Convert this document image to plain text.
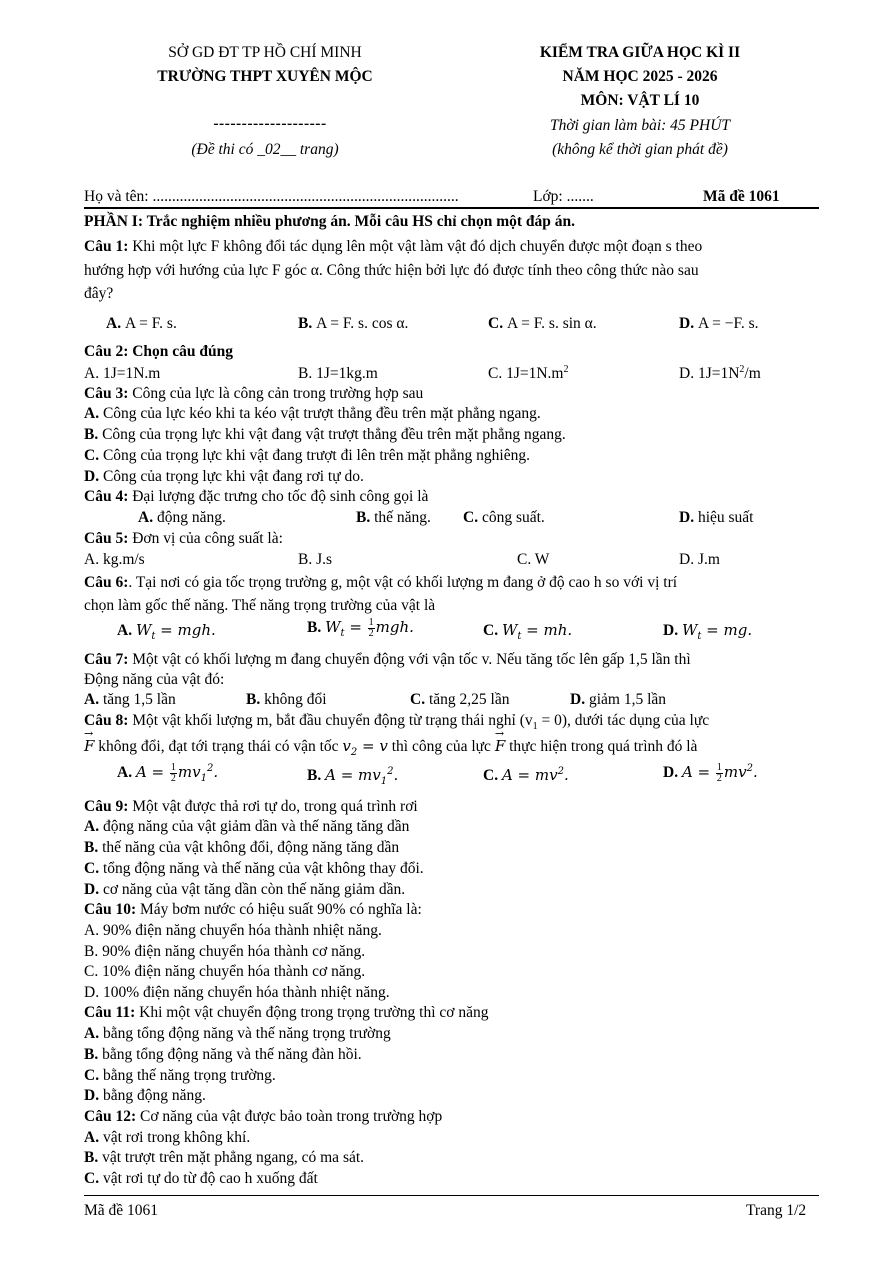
SỞ GD ĐT TP HỒ CHÍ MINH
TRƯỜNG THPT XUYÊN MỘC
--------------------
(Đề thi có _02__ trang)
KIỂM TRA GIỮA HỌC KÌ II
NĂM HỌC 2025 - 2026
MÔN: VẬT LÍ 10
Thời gian làm bài: 45 PHÚT
(không kể thời gian phát đề)
Họ và tên: ...............................................................................	Lớp: .......	Mã đề 1061
PHẦN I: Trắc nghiệm nhiều phương án. Mỗi câu HS chỉ chọn một đáp án.
Câu 1: Khi một lực F không đổi tác dụng lên một vật làm vật đó dịch chuyển được một đoạn s theo
hướng hợp với hướng của lực F góc α. Công thức hiện bởi lực đó được tính theo công thức nào sau
đây?
A. A = F. s.	B. A = F. s. cos α.	C. A = F. s. sin α.	D. A = −F. s.
Câu 2: Chọn câu đúng
A. 1J=1N.m	B. 1J=1kg.m	C. $1J=1N.m^2$	D. $1J=1N^2/m$
Câu 3: Công của lực là công cản trong trường hợp sau
A. Công của lực kéo khi ta kéo vật trượt thẳng đều trên mặt phẳng ngang.
B. Công của trọng lực khi vật đang vật trượt thẳng đều trên mặt phẳng ngang.
C. Công của trọng lực khi vật đang trượt đi lên trên mặt phẳng nghiêng.
D. Công của trọng lực khi vật đang rơi tự do.
Câu 4: Đại lượng đặc trưng cho tốc độ sinh công gọi là
A. động năng.	B. thế năng. C. công suất.	D. hiệu suất
Câu 5: Đơn vị của công suất là:
A. kg.m/s	B. J.s	C. W	D. J.m
Câu 6:. Tại nơi có gia tốc trọng trường g, một vật có khối lượng m đang ở độ cao h so với vị trí
chọn làm gốc thế năng. Thế năng trọng trường của vật là
A. $W_t$ = mgh.	B. $W_t = \frac{1}{2}$ mgh.	C. $W_t$ = mh.	D. $W_t$ = mg.
Câu 7: Một vật có khối lượng m đang chuyển động với vận tốc v. Nếu tăng tốc lên gấp 1,5 lần thì
Động năng của vật đó:
A. tăng 1,5 lần	B. không đổi	C. tăng 2,25 lần	D. giảm 1,5 lần
Câu 8: Một vật khối lượng m, bắt đầu chuyển động từ trạng thái nghỉ $(v_1 = 0)$, dưới tác dụng của lực
→ F không đổi, đạt tới trạng thái có vận tốc $v_2 = v$ thì công của lực → F thực hiện trong quá trình đó là
A. $A = \frac{1}{2} mv_1^2$.	B. $A = mv_1^2$.	C. $A = mv^2$.	D. $A = \frac{1}{2} mv^2$.
Câu 9: Một vật được thả rơi tự do, trong quá trình rơi
A. động năng của vật giảm dần và thế năng tăng dần
B. thế năng của vật không đổi, động năng tăng dần
C. tổng động năng và thế năng của vật không thay đổi.
D. cơ năng của vật tăng dần còn thế năng giảm dần.
Câu 10: Máy bơm nước có hiệu suất 90% có nghĩa là:
A. 90% điện năng chuyển hóa thành nhiệt năng.
B. 90% điện năng chuyển hóa thành cơ năng.
C. 10% điện năng chuyển hóa thành cơ năng.
D. 100% điện năng chuyển hóa thành nhiệt năng.
Câu 11: Khi một vật chuyển động trong trọng trường thì cơ năng
A. bằng tổng động năng và thế năng trọng trường
B. bằng tổng động năng và thế năng đàn hồi.
C. bằng thế năng trọng trường.
D. bằng động năng.
Câu 12: Cơ năng của vật được bảo toàn trong trường hợp
A. vật rơi trong không khí.
B. vật trượt trên mặt phẳng ngang, có ma sát.
C. vật rơi tự do từ độ cao h xuống đất
Mã đề 1061	Trang 1/2
